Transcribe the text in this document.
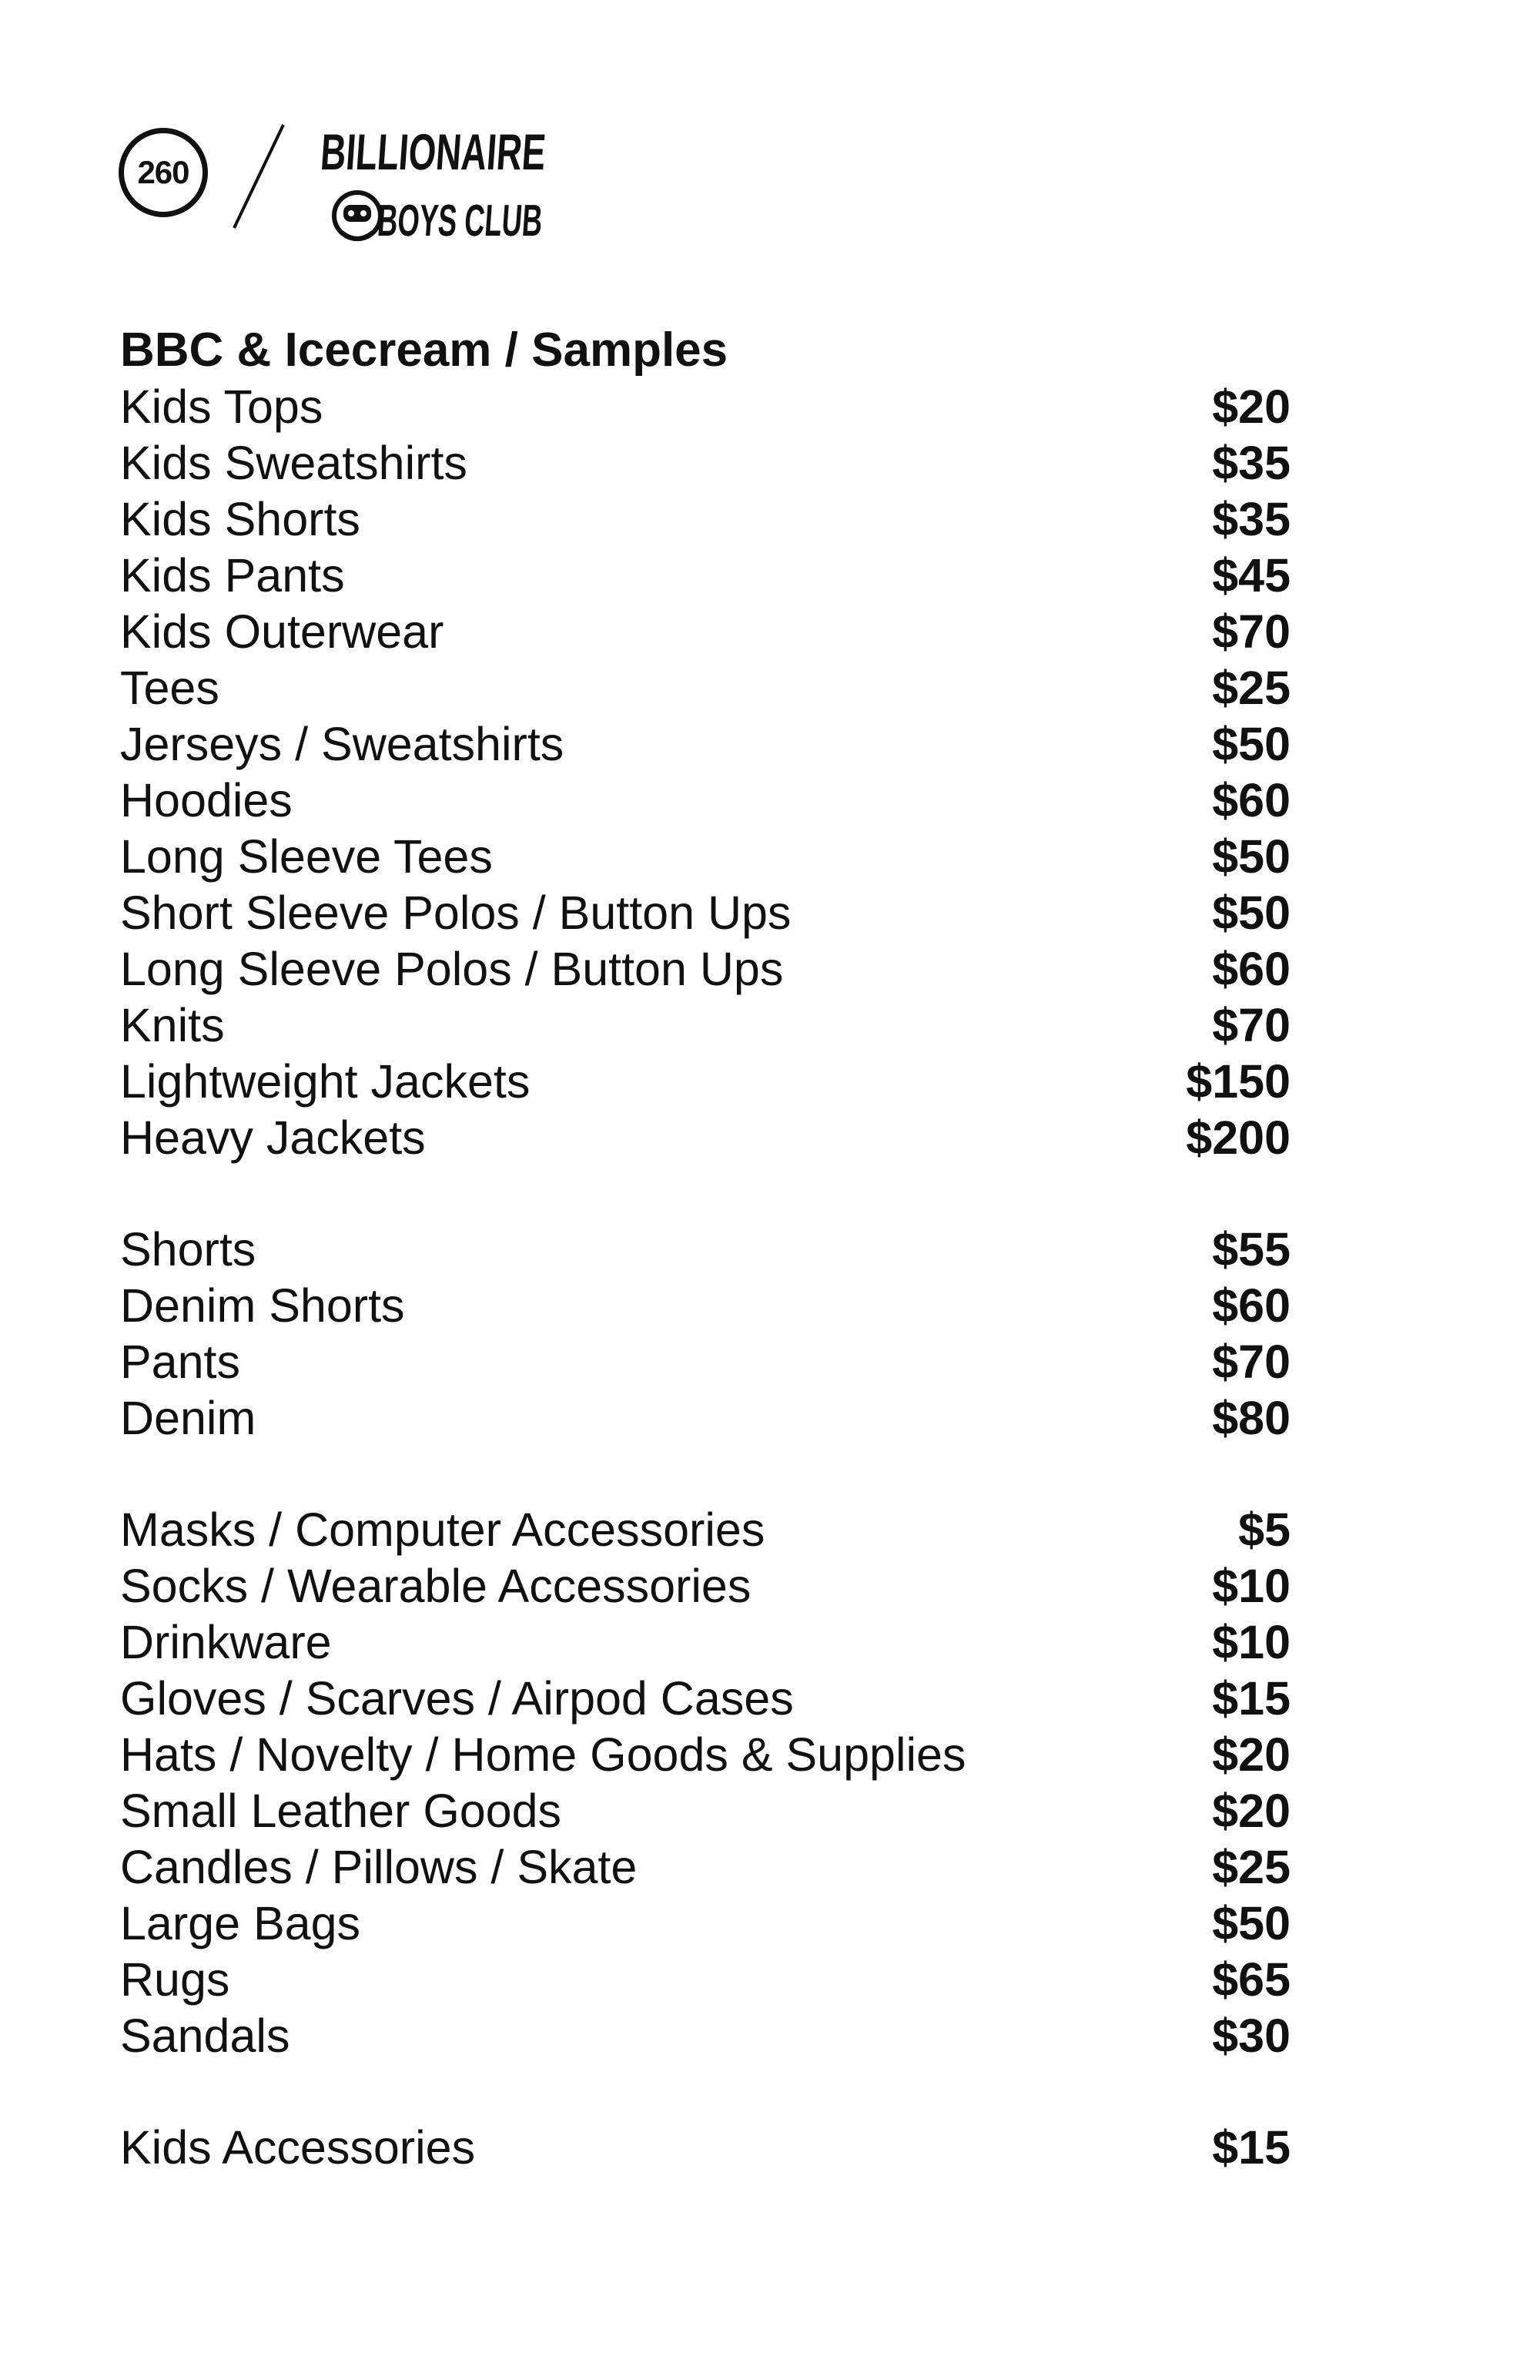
260	BILLIONAIRE
BOYS CLUB
BBC & Icecream / Samples
Kids Tops	$20
Kids Sweatshirts	$35
Kids Shorts	$35
Kids Pants	$45
Kids Outerwear	$70
Tees	$25
Jerseys / Sweatshirts	$50
Hoodies	$60
Long Sleeve Tees	$50
Short Sleeve Polos / Button Ups	$50
Long Sleeve Polos / Button Ups	$60
Knits	$70
Lightweight Jackets	$150
Heavy Jackets	$200
Shorts	$55
Denim Shorts	$60
Pants	$70
Denim	$80
Masks / Computer Accessories	$5
Socks / Wearable Accessories	$10
Drinkware	$10
Gloves / Scarves / Airpod Cases	$15
Hats / Novelty / Home Goods & Supplies	$20
Small Leather Goods	$20
Candles / Pillows / Skate	$25
Large Bags	$50
Rugs	$65
Sandals	$30
Kids Accessories	$15
